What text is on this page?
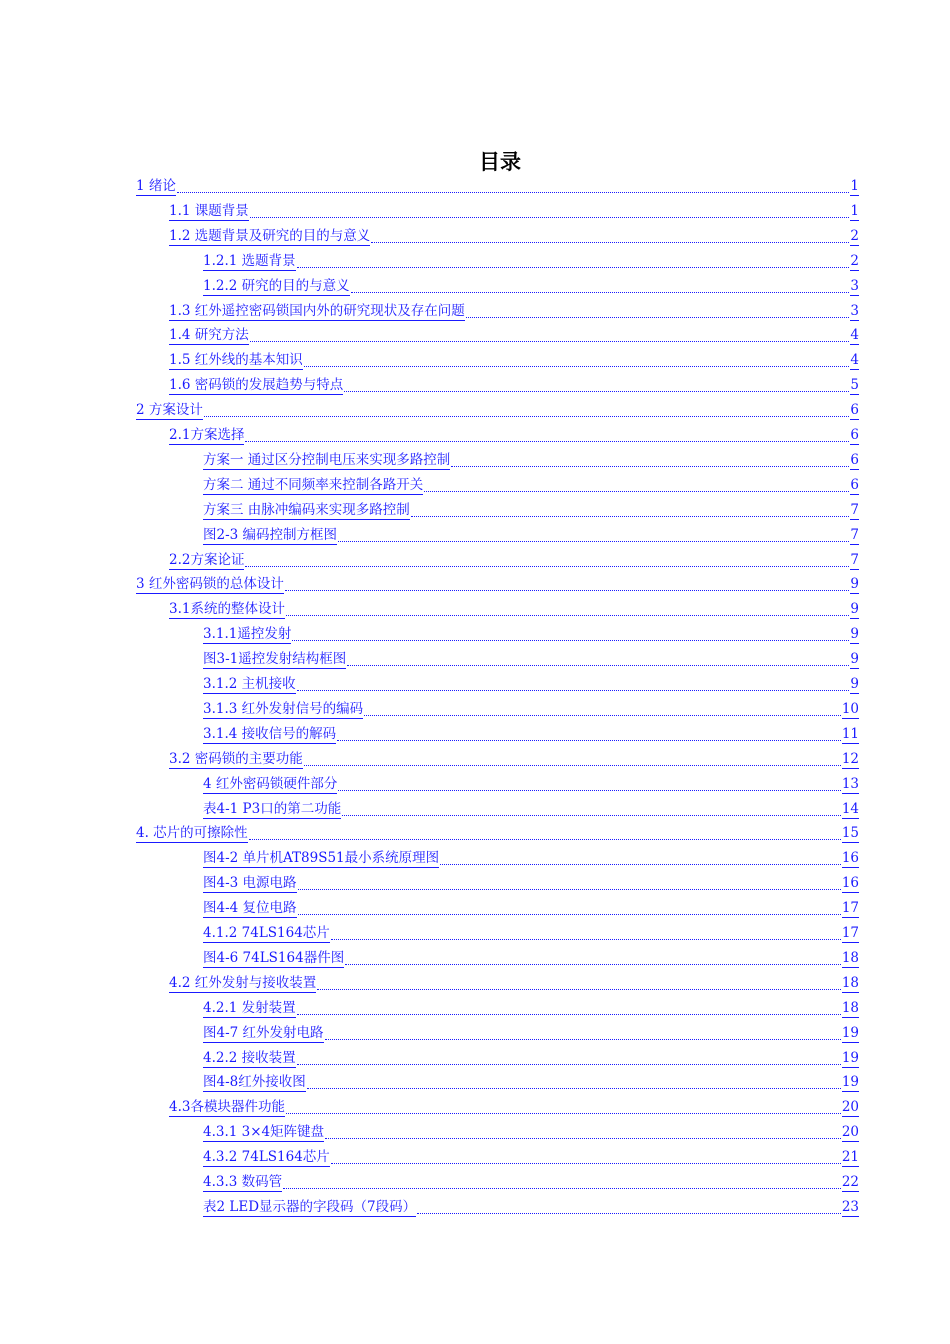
目录
1 绪论	1
1.1 课题背景	1
1.2 选题背景及研究的目的与意义	2
1.2.1 选题背景	2
1.2.2 研究的目的与意义	3
1.3 红外遥控密码锁国内外的研究现状及存在问题	3
1.4 研究方法	4
1.5 红外线的基本知识	4
1.6 密码锁的发展趋势与特点	5
2 方案设计	6
2.1方案选择	6
方案一 通过区分控制电压来实现多路控制	6
方案二 通过不同频率来控制各路开关	6
方案三 由脉冲编码来实现多路控制	7
图2-3 编码控制方框图	7
2.2方案论证	7
3 红外密码锁的总体设计	9
3.1系统的整体设计	9
3.1.1遥控发射	9
图3-1遥控发射结构框图	9
3.1.2 主机接收	9
3.1.3 红外发射信号的编码	10
3.1.4 接收信号的解码	11
3.2 密码锁的主要功能	12
4 红外密码锁硬件部分	13
表4-1 P3口的第二功能	14
4. 芯片的可擦除性	15
图4-2 单片机AT89S51最小系统原理图	16
图4-3 电源电路	16
图4-4 复位电路	17
4.1.2 74LS164芯片	17
图4-6 74LS164器件图	18
4.2 红外发射与接收装置	18
4.2.1 发射装置	18
图4-7 红外发射电路	19
4.2.2 接收装置	19
图4-8红外接收图	19
4.3各模块器件功能	20
4.3.1 3×4矩阵键盘	20
4.3.2 74LS164芯片	21
4.3.3 数码管	22
表2 LED显示器的字段码（7段码）	23
